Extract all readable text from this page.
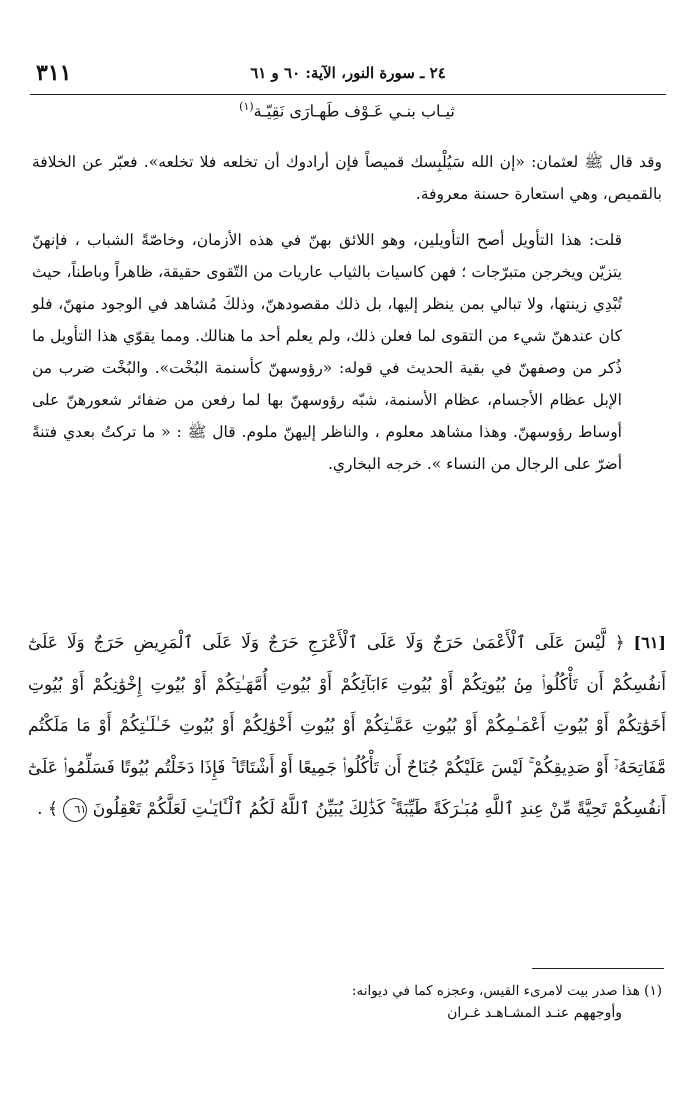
٣١١	٢٤ ـ سورة النور، الآية: ٦٠ و ٦١
ثيـاب بنـي عَـوْف طَهـارَى نَقِيّـة$^{(١)}$

وقد قال ﷺ لعثمان: «إن الله سَيُلْبِسك قميصاً فإن أرادوك أن تخلعه فلا تخلعه». فعبّر عن الخلافة بالقميص، وهي استعارة حسنة معروفة.

قلت: هذا التأويل أصح التأويلين، وهو اللائق بهنّ في هذه الأزمان، وخاصّةً الشباب ، فإنهنّ يتزيّن ويخرجن متبرّجات ؛ فهن كاسيات بالثياب عاريات من التّقوى حقيقة، ظاهراً وباطناً، حيث تُبْدِي زينتها، ولا تبالي بمن ينظر إليها، بل ذلك مقصودهنّ، وذلكَ مُشاهد في الوجود منهنّ، فلو كان عندهنّ شيء من التقوى لما فعلن ذلك، ولم يعلم أحد ما هنالك. ومما يقوّي هذا التأويل ما ذُكر من وصفهنّ في بقية الحديث في قوله: «رؤوسهنّ كأسنمة البُخْت». والبُخْت ضرب من الإبل عظام الأجسام، عظام الأسنمة، شبّه رؤوسهنّ بها لما رفعن من ضفائر شعورهنّ على أوساط رؤوسهنّ. وهذا مشاهد معلوم ، والناظر إليهنّ ملوم. قال ﷺ : « ما تركتُ بعدي فتنةً أضرّ على الرجال من النساء ». خرجه البخاري.

[٦١] ﴿ لَّيْسَ عَلَى ٱلْأَعْمَىٰ حَرَجٌ وَلَا عَلَى ٱلْأَعْرَجِ حَرَجٌ وَلَا عَلَى ٱلْمَرِيضِ حَرَجٌ وَلَا عَلَىٰٓ أَنفُسِكُمْ أَن تَأْكُلُوا۟ مِنۢ بُيُوتِكُمْ أَوْ بُيُوتِ ءَابَآئِكُمْ أَوْ بُيُوتِ أُمَّهَـٰتِكُمْ أَوْ بُيُوتِ إِخْوَٰنِكُمْ أَوْ بُيُوتِ أَخَوَٰتِكُمْ أَوْ بُيُوتِ أَعْمَـٰمِكُمْ أَوْ بُيُوتِ عَمَّـٰتِكُمْ أَوْ بُيُوتِ أَخْوَٰلِكُمْ أَوْ بُيُوتِ خَـٰلَـٰتِكُمْ أَوْ مَا مَلَكْتُم مَّفَاتِحَهُۥٓ أَوْ صَدِيقِكُمْ ۚ لَيْسَ عَلَيْكُمْ جُنَاحٌ أَن تَأْكُلُوا۟ جَمِيعًا أَوْ أَشْتَاتًا ۚ فَإِذَا دَخَلْتُم بُيُوتًا فَسَلِّمُوا۟ عَلَىٰٓ أَنفُسِكُمْ تَحِيَّةً مِّنْ عِندِ ٱللَّهِ مُبَـٰرَكَةً طَيِّبَةً ۚ كَذَٰلِكَ يُبَيِّنُ ٱللَّهُ لَكُمُ ٱلْـَٔايَـٰتِ لَعَلَّكُمْ تَعْقِلُونَ ٦١ ﴾ .

(١) هذا صدر بيت لامرىء القيس، وعجزه كما في ديوانه:

وأوجههم عنـد المشـاهـد غـران
